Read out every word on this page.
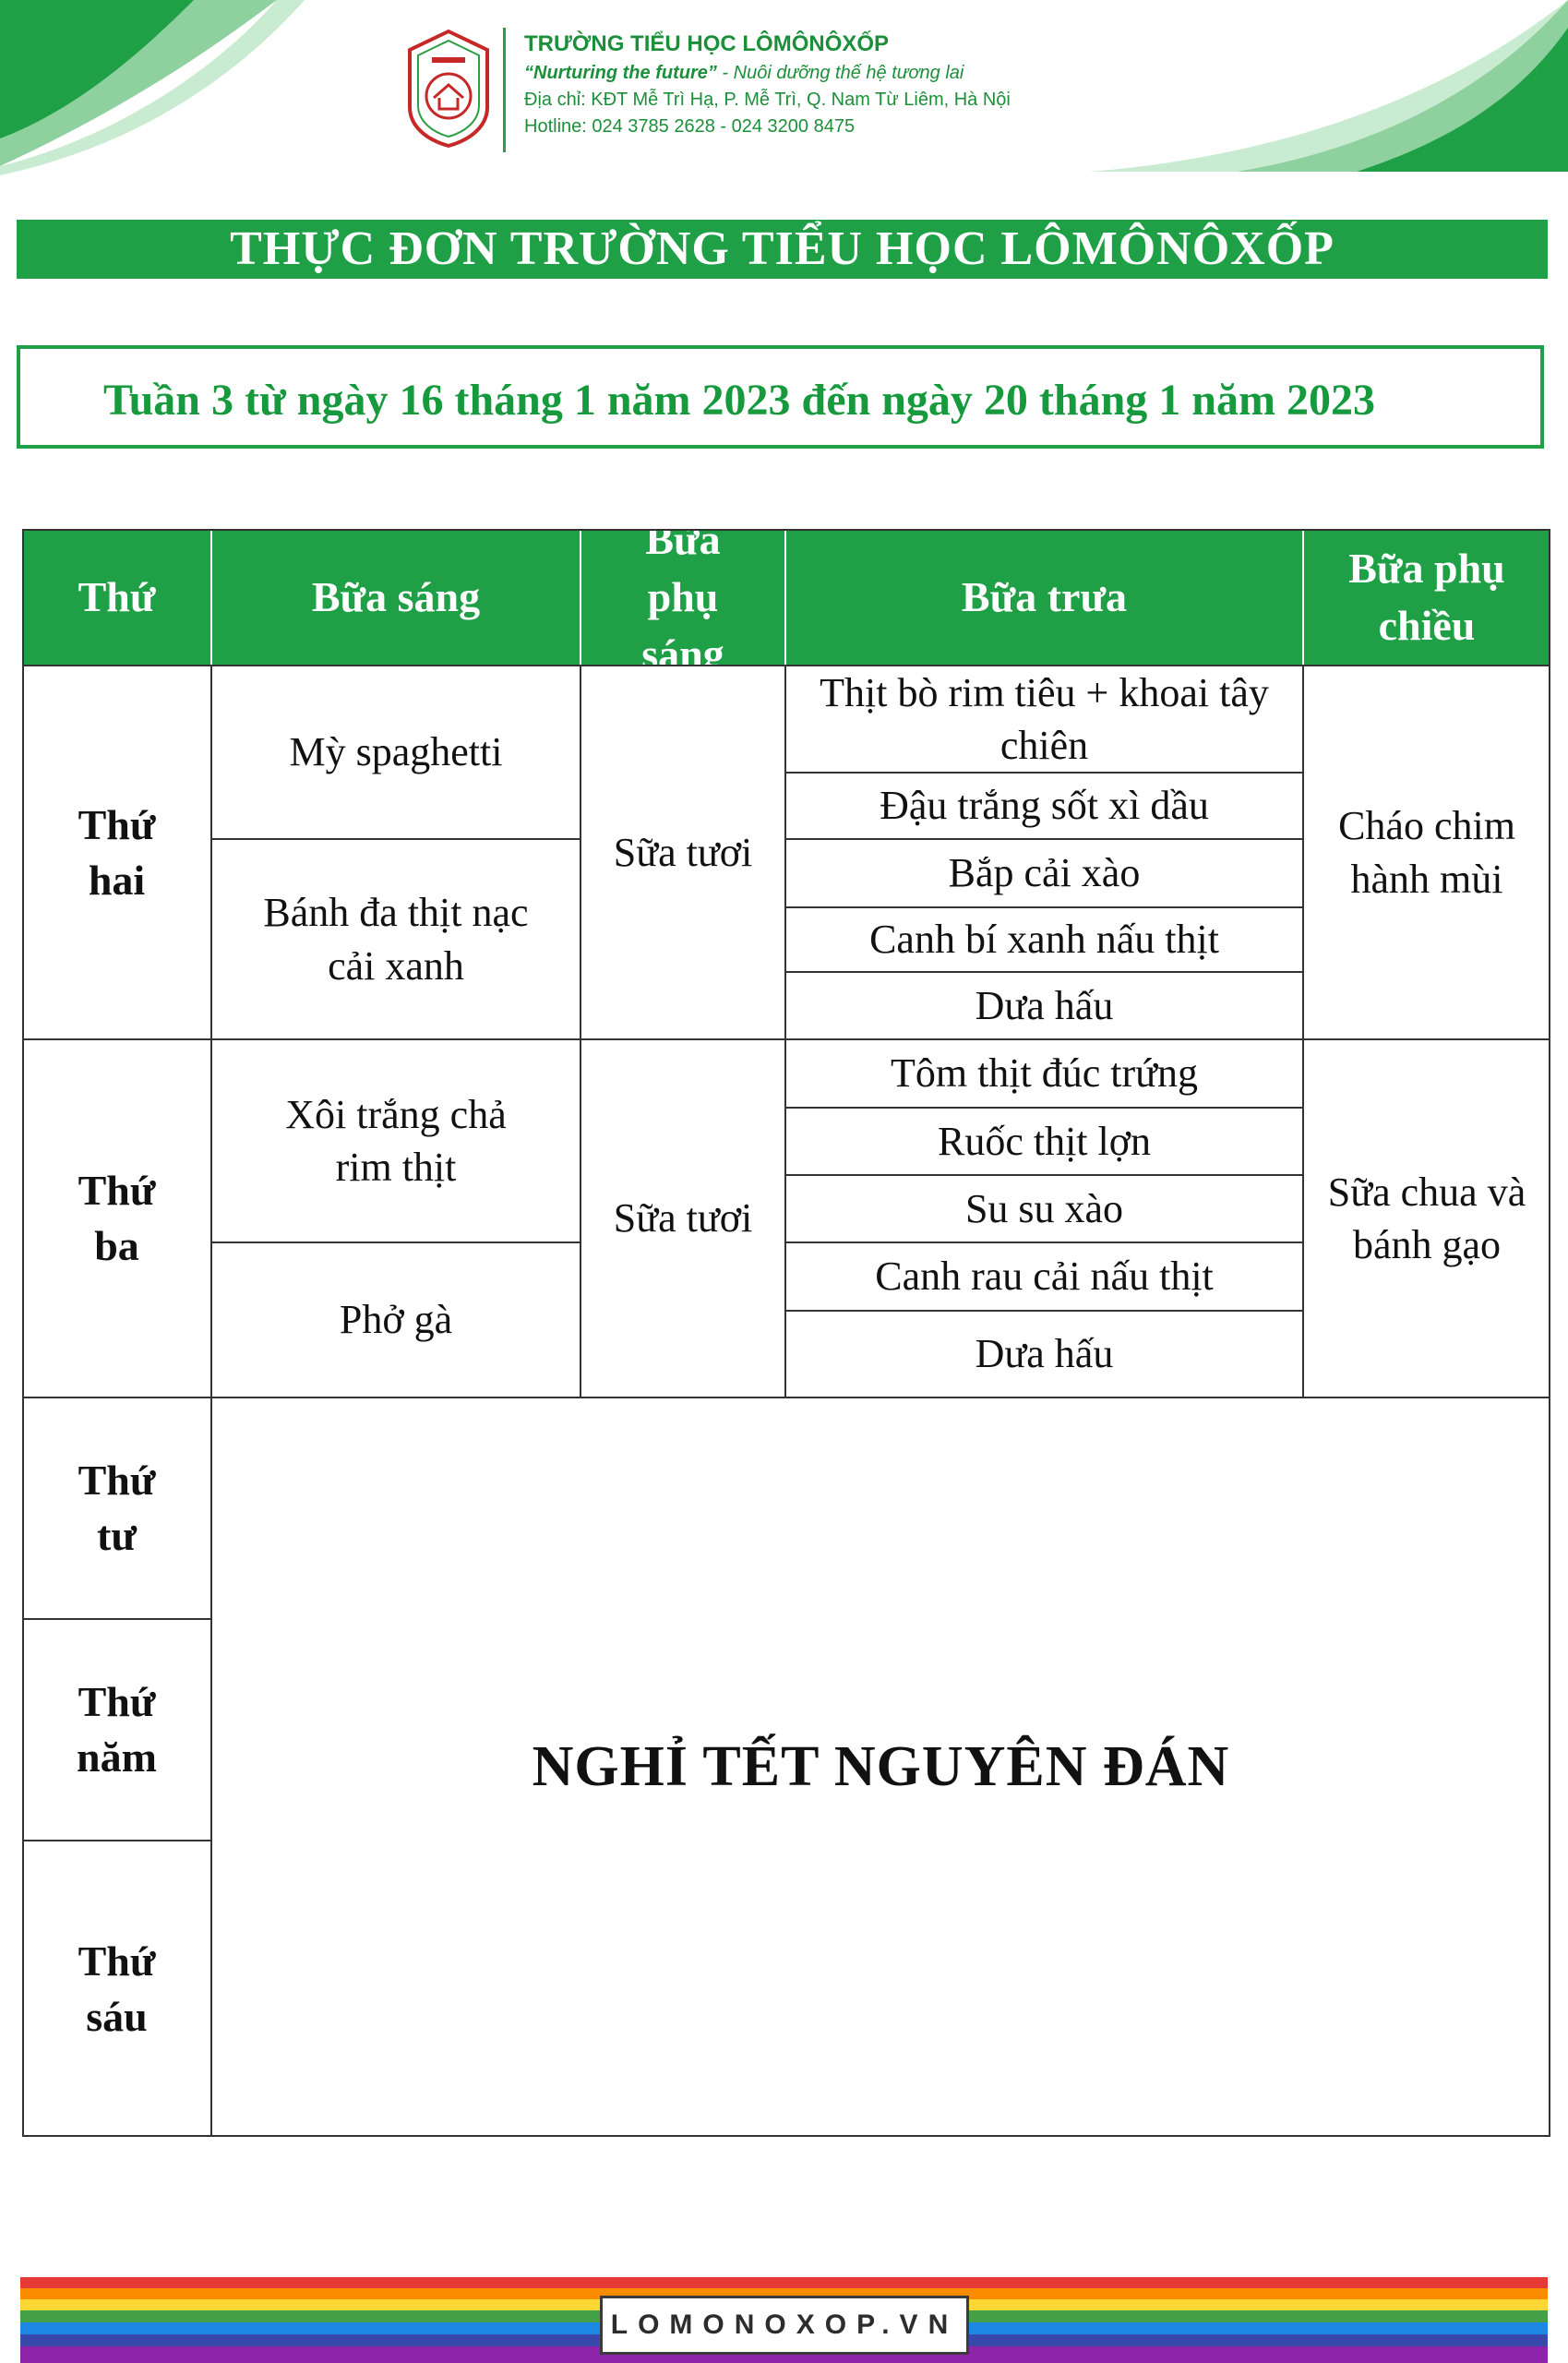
TRƯỜNG TIỂU HỌC LÔMÔNÔXỐP
“Nurturing the future” - Nuôi dưỡng thế hệ tương lai
Địa chỉ: KĐT Mễ Trì Hạ, P. Mễ Trì, Q. Nam Từ Liêm, Hà Nội
Hotline: 024 3785 2628 - 024 3200 8475
THỰC ĐƠN TRƯỜNG TIỂU HỌC LÔMÔNÔXỐP
Tuần 3 từ ngày 16 tháng 1 năm 2023 đến ngày 20 tháng 1 năm 2023
Thứ	Bữa sáng
Bữa phụ sáng
Bữa trưa
Bữa phụ chiều
Thứ hai
Mỳ spaghetti
Bánh đa thịt nạc cải xanh
Sữa tươi
Thịt bò rim tiêu + khoai tây chiên
Đậu trắng sốt xì dầu
Bắp cải xào
Canh bí xanh nấu thịt
Dưa hấu
Cháo chim hành mùi
Thứ ba
Xôi trắng chả rim thịt
Phở gà
Sữa tươi
Tôm thịt đúc trứng
Ruốc thịt lợn
Su su xào
Canh rau cải nấu thịt
Dưa hấu
Sữa chua và bánh gạo
Thứ tư
Thứ năm
Thứ sáu
NGHỈ TẾT NGUYÊN ĐÁN
LOMONOXOP.VN
